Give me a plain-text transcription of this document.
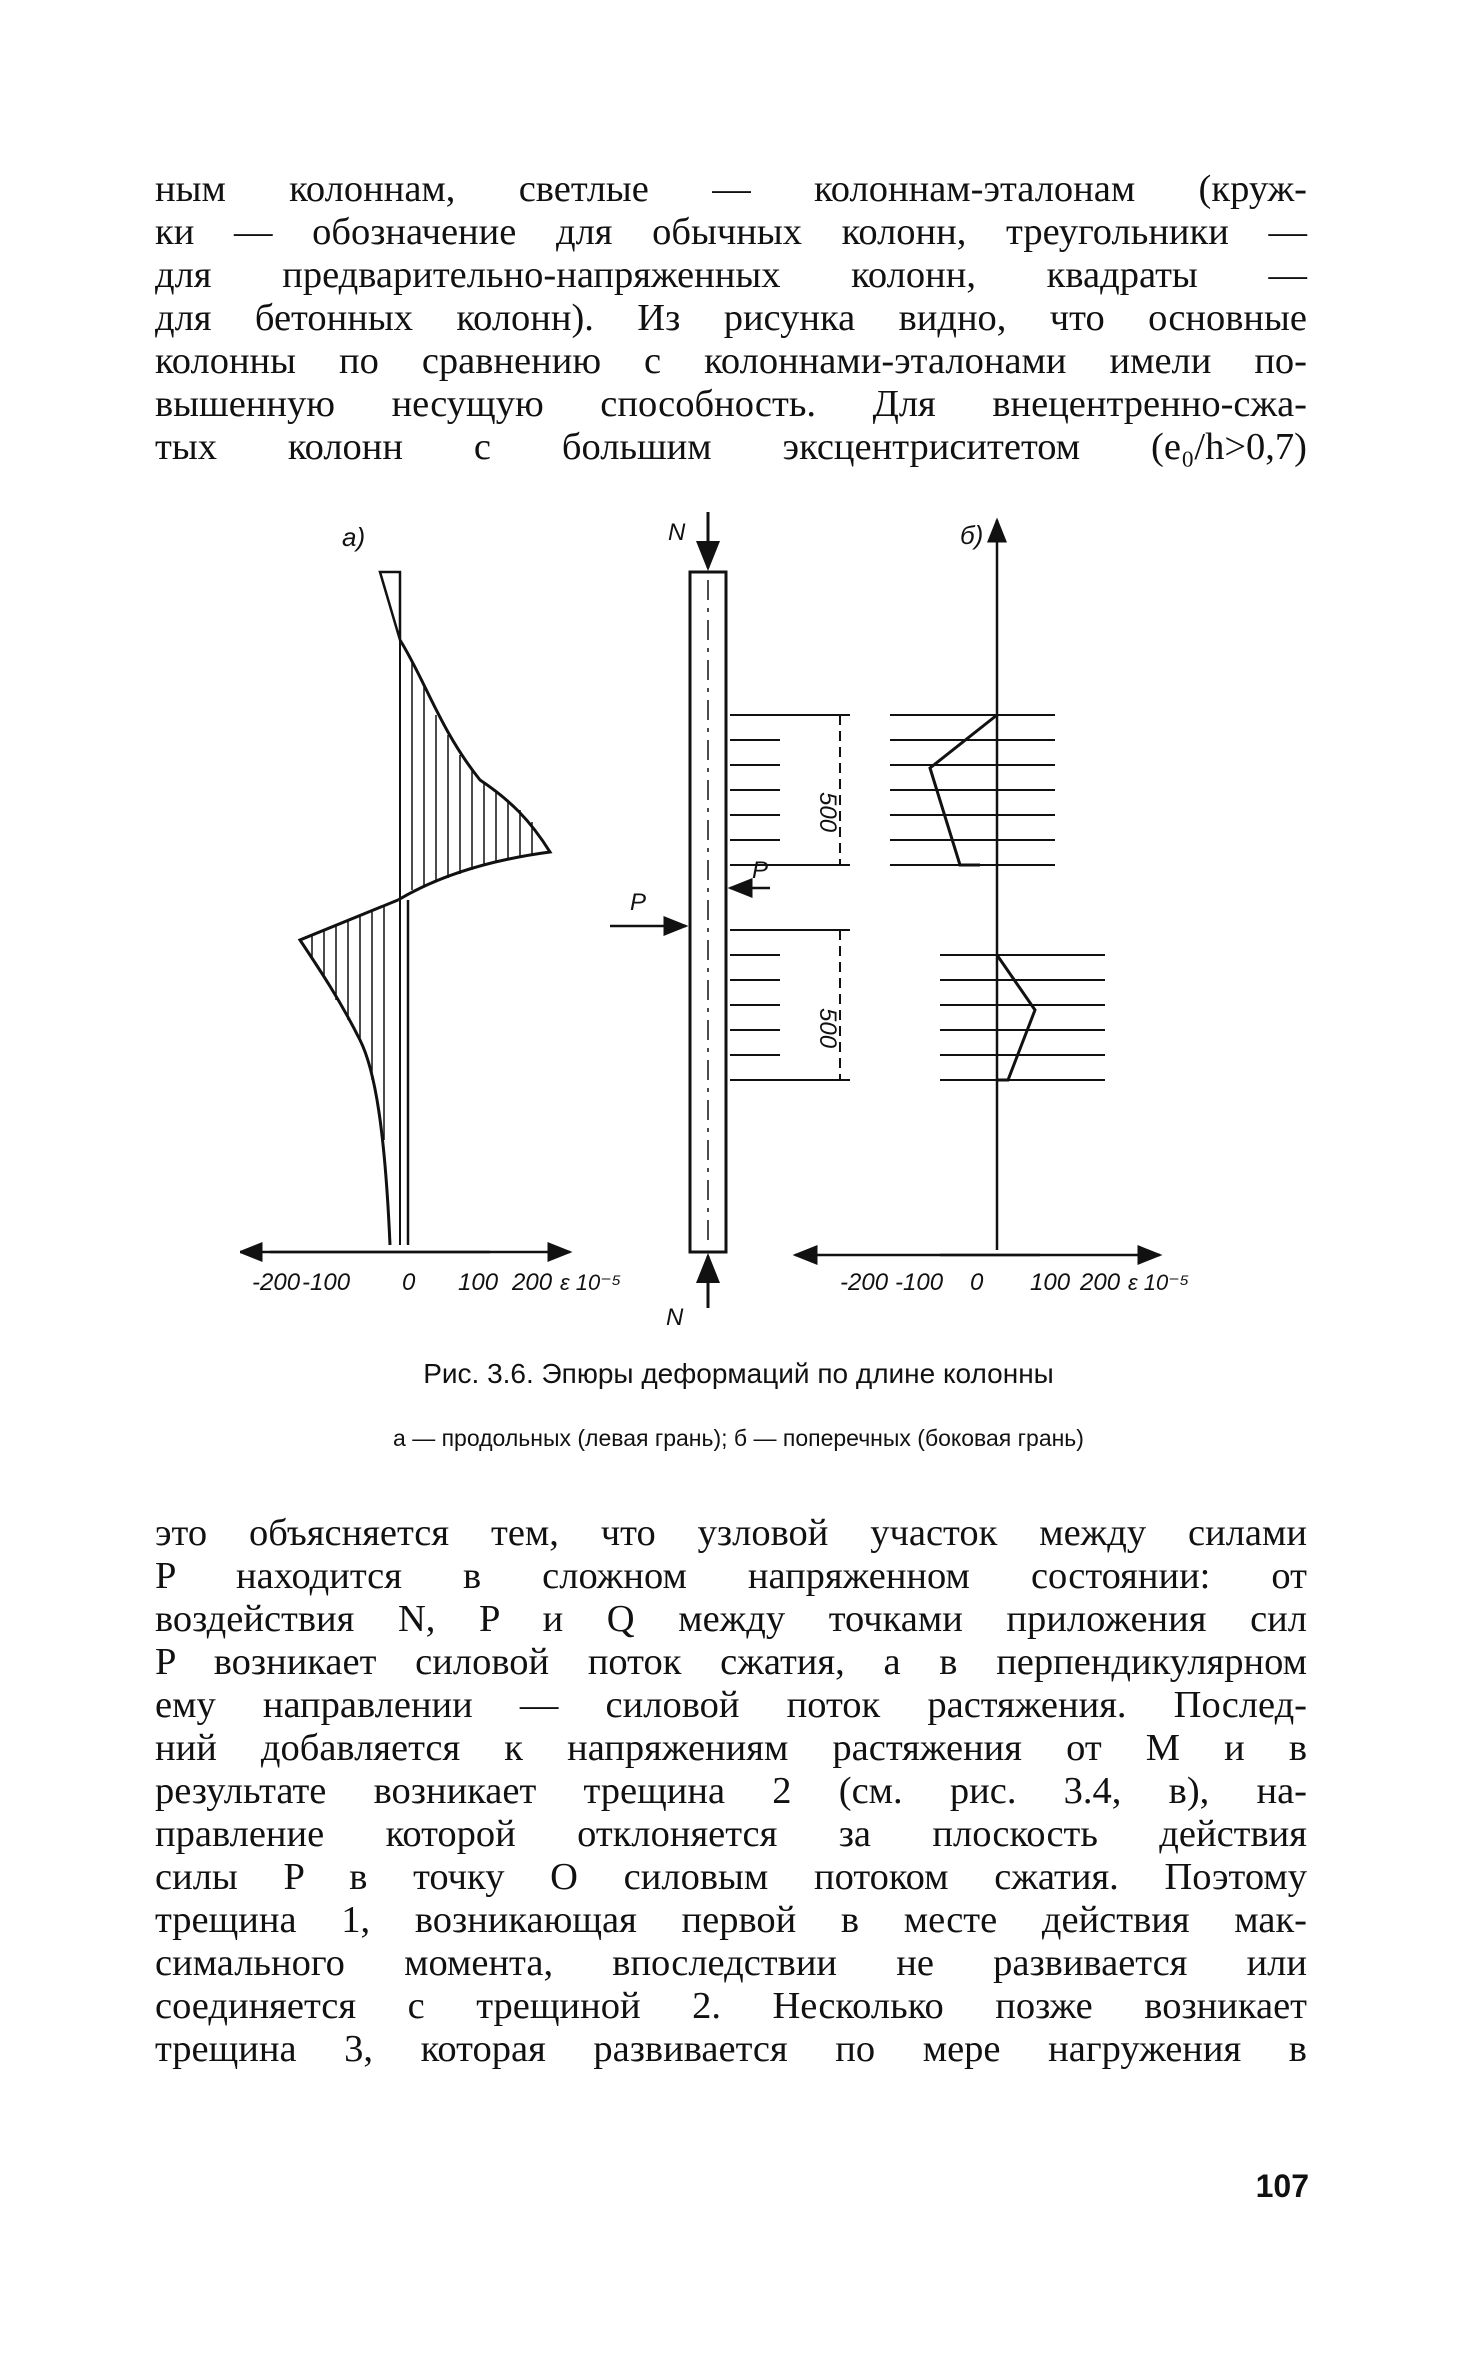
ным колоннам, светлые — колоннам-эталонам (круж-
ки — обозначение для обычных колонн, треугольники —
для предварительно-напряженных колонн, квадраты —
для бетонных колонн). Из рисунка видно, что основные
колонны по сравнению с колоннами-эталонами имели по-
вышенную несущую способность. Для внецентренно-сжа-
тых колонн с большим эксцентриситетом (e₀/h>0,7)
а)
-200 -100 0 100 200 ε 10⁻⁵
N
N
P
P
500
500
б)
-200 -100 0 100 200 ε 10⁻⁵
Рис. 3.6. Эпюры деформаций по длине колонны
а — продольных (левая грань); б — поперечных (боковая грань)
это объясняется тем, что узловой участок между силами
P находится в сложном напряженном состоянии: от
воздействия N, P и Q между точками приложения сил
P возникает силовой поток сжатия, а в перпендикулярном
ему направлении — силовой поток растяжения. Послед-
ний добавляется к напряжениям растяжения от M и в
результате возникает трещина 2 (см. рис. 3.4, в), на-
правление которой отклоняется за плоскость действия
силы P в точку O силовым потоком сжатия. Поэтому
трещина 1, возникающая первой в месте действия мак-
симального момента, впоследствии не развивается или
соединяется с трещиной 2. Несколько позже возникает
трещина 3, которая развивается по мере нагружения в
107
